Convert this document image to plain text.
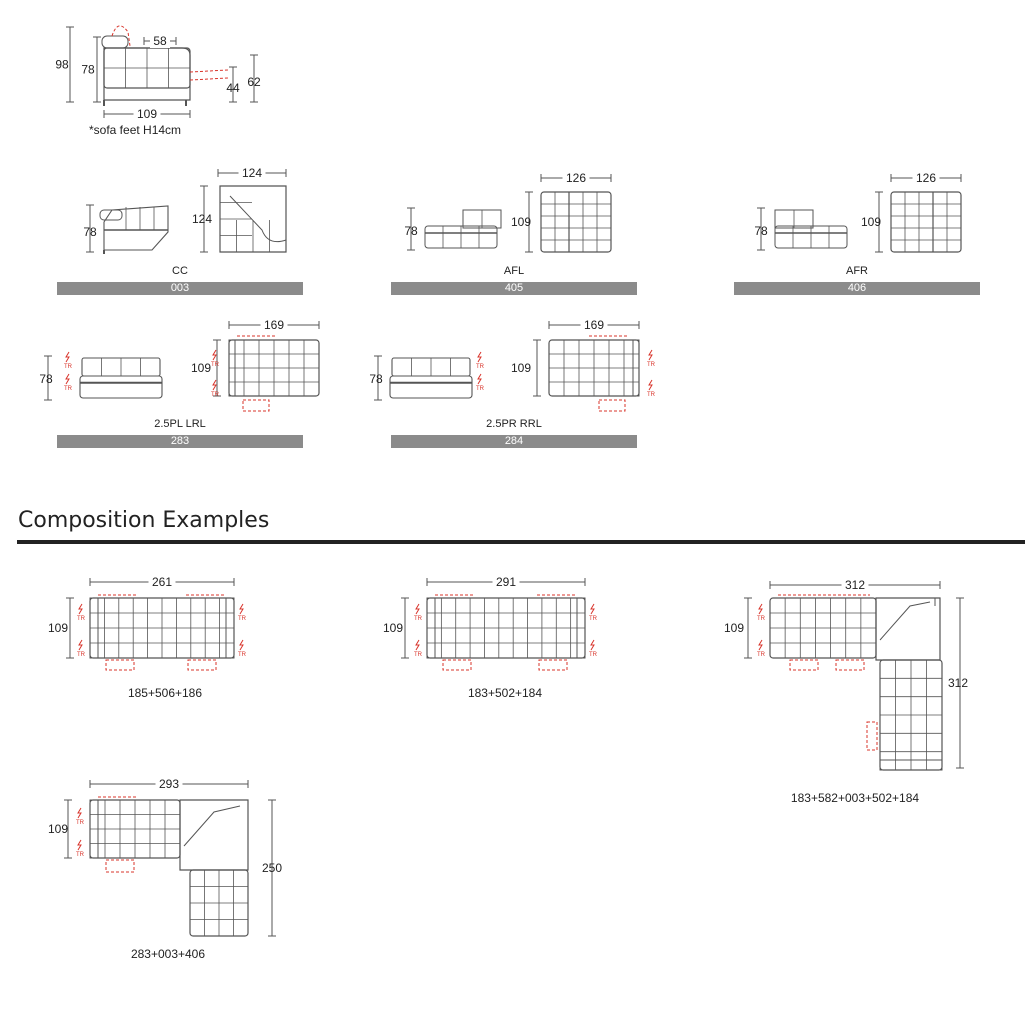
98 78
58
44 62
109
78
124
124
78
109
126
78
109
126
78
TR
TR
109
169
TR
TR
78
TR
TR
109
169
TR
TR
109
261
TR
TR
TR
TR
109
291
TR
TR
TR
TR
109
312
TR
TR
312
109
293
TR
TR
250
*sofa feet H14cm
CC
003
AFL
405
AFR
406
2.5PL LRL
283
2.5PR RRL
284
Composition Examples
185+506+186	183+502+184
183+582+003+502+184
283+003+406
